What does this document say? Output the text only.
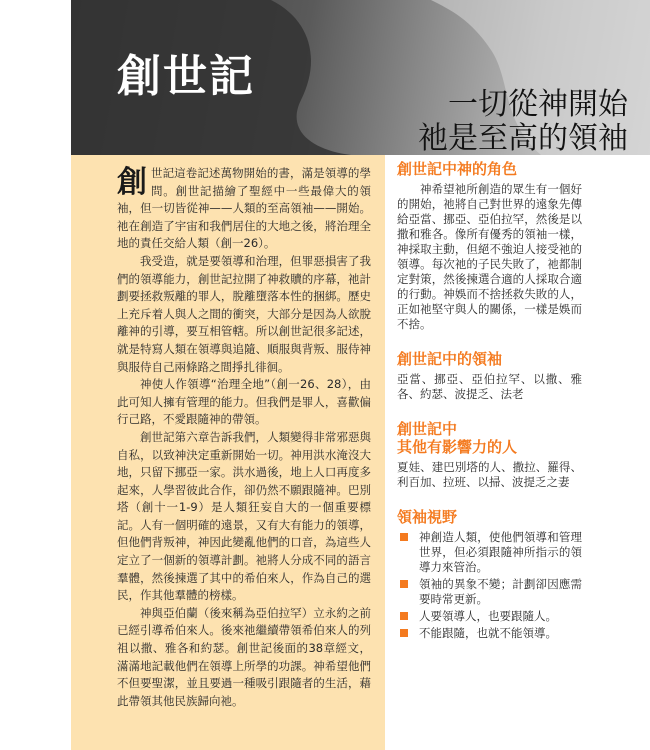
創世記
一切從神開始
祂是至高的領袖

創世記這卷記述萬物開始的書，滿是領導的學問。創世記描繪了聖經中一些最偉大的領袖，但一切皆從神——人類的至高領袖——開始。祂在創造了宇宙和我們居住的大地之後，將治理全地的責任交給人類（創一26）。

我受造，就是要領導和治理，但罪惡損害了我們的領導能力，創世記拉開了神救贖的序幕，祂計劃要拯救叛離的罪人，脫離墮落本性的捆綁。歷史上充斥着人與人之間的衝突，大部分是因為人欲脫離神的引導，要互相管轄。所以創世記很多記述，就是特寫人類在領導與追隨、順服與背叛、服侍神與服侍自己兩條路之間掙扎徘徊。

神使人作領導“治理全地”（創一26、28），由此可知人擁有管理的能力。但我們是罪人，喜歡偏行己路，不愛跟隨神的帶領。

創世記第六章告訴我們，人類變得非常邪惡與自私，以致神決定重新開始一切。神用洪水淹沒大地，只留下挪亞一家。洪水過後，地上人口再度多起來，人學習彼此合作，卻仍然不願跟隨神。巴別塔（創十一1-9）是人類狂妄自大的一個重要標記。人有一個明確的遠景，又有大有能力的領導，但他們背叛神，神因此變亂他們的口音，為這些人定立了一個新的領導計劃。祂將人分成不同的語言羣體，然後揀選了其中的希伯來人，作為自己的選民，作其他羣體的榜樣。

神與亞伯蘭（後來稱為亞伯拉罕）立永約之前已經引導希伯來人。後來祂繼續帶領希伯來人的列祖以撒、雅各和約瑟。創世記後面的38章經文，滿滿地記載他們在領導上所學的功課。神希望他們不但要聖潔，並且要過一種吸引跟隨者的生活，藉此帶領其他民族歸向祂。

創世記中神的角色

神希望祂所創造的眾生有一個好的開始，祂將自己對世界的遠象先傳給亞當、挪亞、亞伯拉罕，然後是以撒和雅各。像所有優秀的領袖一樣，神採取主動，但絕不強迫人接受祂的領導。每次祂的子民失敗了，祂都制定對策，然後揀選合適的人採取合適的行動。神娛而不捨拯救失敗的人，正如祂堅守與人的關係，一樣是娛而不捨。

創世記中的領袖

亞當、挪亞、亞伯拉罕、以撒、雅各、約瑟、波提乏、法老

創世記中
其他有影響力的人

夏娃、建巴別塔的人、撒拉、羅得、利百加、拉班、以掃、波提乏之妻

領袖視野
神創造人類，使他們領導和管理世界，但必須跟隨神所指示的領導力來管治。
領袖的異象不變；計劃卻因應需要時常更新。
人要領導人，也要跟隨人。
不能跟隨，也就不能領導。
